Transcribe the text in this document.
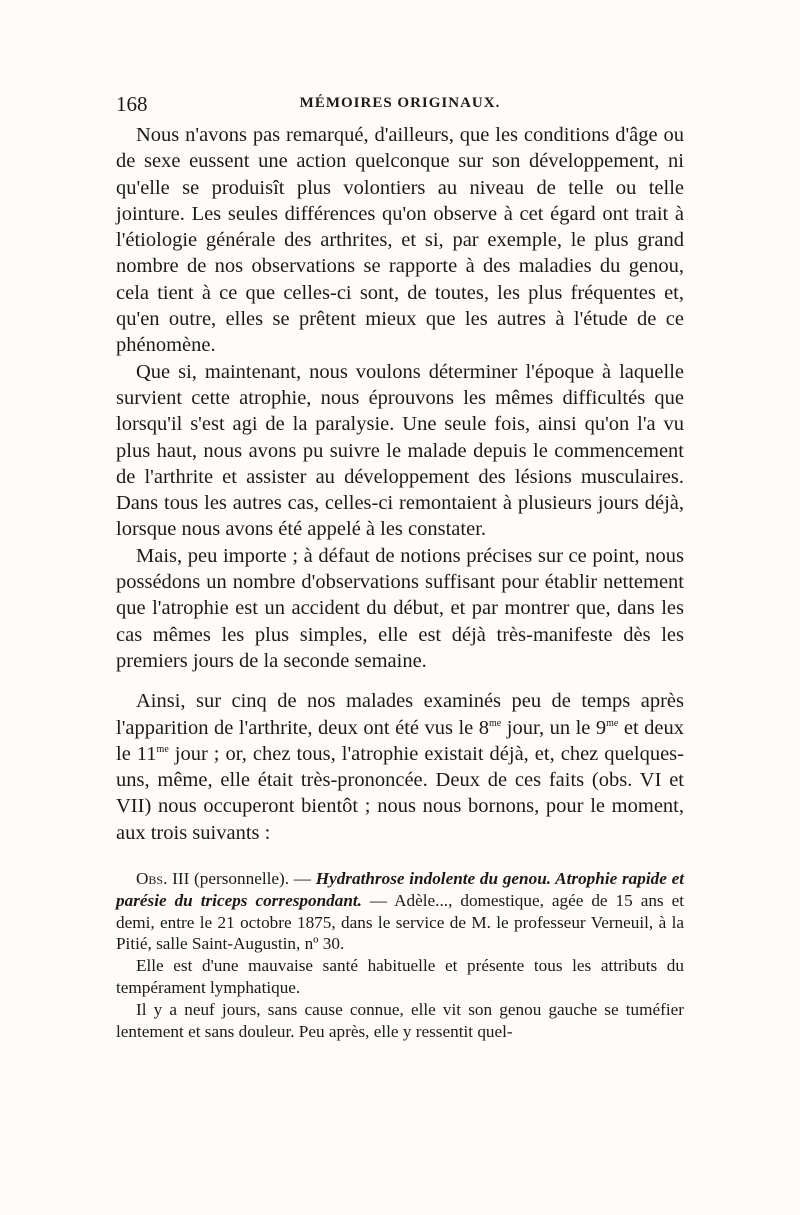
168	MÉMOIRES ORIGINAUX.

Nous n'avons pas remarqué, d'ailleurs, que les conditions d'âge ou de sexe eussent une action quelconque sur son développement, ni qu'elle se produisît plus volontiers au niveau de telle ou telle jointure. Les seules différences qu'on observe à cet égard ont trait à l'étiologie générale des arthrites, et si, par exemple, le plus grand nombre de nos observations se rapporte à des maladies du genou, cela tient à ce que celles-ci sont, de toutes, les plus fréquentes et, qu'en outre, elles se prêtent mieux que les autres à l'étude de ce phénomène.

Que si, maintenant, nous voulons déterminer l'époque à laquelle survient cette atrophie, nous éprouvons les mêmes difficultés que lorsqu'il s'est agi de la paralysie. Une seule fois, ainsi qu'on l'a vu plus haut, nous avons pu suivre le malade depuis le commencement de l'arthrite et assister au développement des lésions musculaires. Dans tous les autres cas, celles-ci remontaient à plusieurs jours déjà, lorsque nous avons été appelé à les constater.

Mais, peu importe ; à défaut de notions précises sur ce point, nous possédons un nombre d'observations suffisant pour établir nettement que l'atrophie est un accident du début, et par montrer que, dans les cas mêmes les plus simples, elle est déjà très-manifeste dès les premiers jours de la seconde semaine.

Ainsi, sur cinq de nos malades examinés peu de temps après l'apparition de l'arthrite, deux ont été vus le $8^{me}$ jour, un le $9^{me}$ et deux le $11^{me}$ jour ; or, chez tous, l'atrophie existait déjà, et, chez quelques-uns, même, elle était très-prononcée. Deux de ces faits (obs. VI et VII) nous occuperont bientôt ; nous nous bornons, pour le moment, aux trois suivants :

Obs. III (personnelle). — Hydrathrose indolente du genou. Atrophie rapide et parésie du triceps correspondant. — Adèle..., domestique, agée de 15 ans et demi, entre le 21 octobre 1875, dans le service de M. le professeur Verneuil, à la Pitié, salle Saint-Augustin, nº 30.

Elle est d'une mauvaise santé habituelle et présente tous les attributs du tempérament lymphatique.

Il y a neuf jours, sans cause connue, elle vit son genou gauche se tuméfier lentement et sans douleur. Peu après, elle y ressentit quel-
